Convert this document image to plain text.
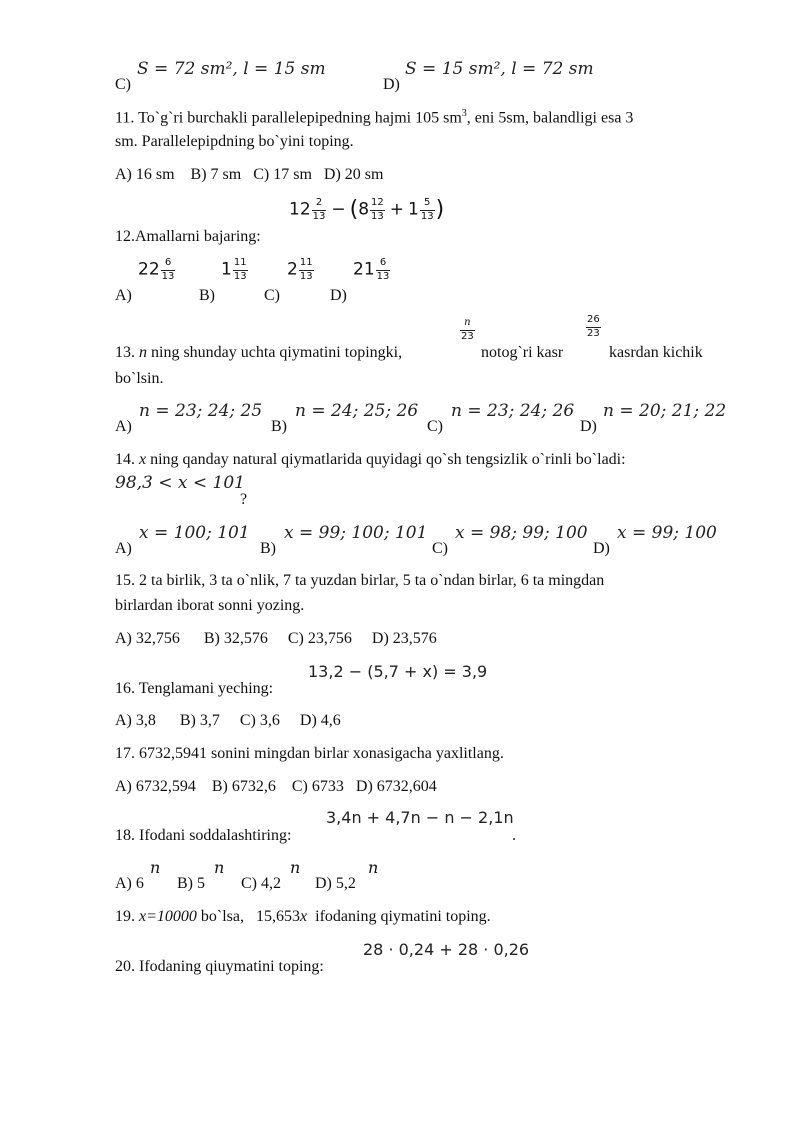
C)
S = 72 sm², l = 15 sm
D)
S = 15 sm², l = 72 sm
11. To`g`ri burchakli parallelepipedning hajmi 105 $sm^3$, eni 5sm, balandligi esa 3
sm. Parallelepipdning bo`yini toping.
A) 16 sm    B) 7 sm   C) 17 sm   D) 20 sm
$12 \frac{2}{13} - (8 \frac{12}{13} + 1 \frac{5}{13}$ )
12.Amallarni bajaring:
A)
$22 \frac{6}{13}$
B)
$1 \frac{11}{13}$
C)
$2 \frac{11}{13}$
D)
$21 \frac{6}{13}$
$\frac{n}{23}$	$\frac{26}{23}$
13. n ning shunday uchta qiymatini topingki,	notog`ri kasr	kasrdan kichik
bo`lsin.
A)
n = 23; 24; 25
B)
n = 24; 25; 26
C)
n = 23; 24; 26
D)
n = 20; 21; 22
14. x ning qanday natural qiymatlarida quyidagi qo`sh tengsizlik o`rinli bo`ladi:
98,3 < x < 101
?
A)
x = 100; 101
B)
x = 99; 100; 101
C)
x = 98; 99; 100
D)
x = 99; 100
15. 2 ta birlik, 3 ta o`nlik, 7 ta yuzdan birlar, 5 ta o`ndan birlar, 6 ta mingdan
birlardan iborat sonni yozing.
A) 32,756      B) 32,576     C) 23,756     D) 23,576
13,2 − (5,7 + x) = 3,9
16. Tenglamani yeching:
A) 3,8      B) 3,7     C) 3,6     D) 4,6
17. 6732,5941 sonini mingdan birlar xonasigacha yaxlitlang.
A) 6732,594    B) 6732,6    C) 6733   D) 6732,604
3,4n + 4,7n − n − 2,1n
18. Ifodani soddalashtiring:	.
A) 6
n
B) 5
n
C) 4,2
n
D) 5,2
n
19. x=10000 bo`lsa,   15,653x  ifodaning qiymatini toping.
28 · 0,24 + 28 · 0,26
20. Ifodaning qiuymatini toping:
